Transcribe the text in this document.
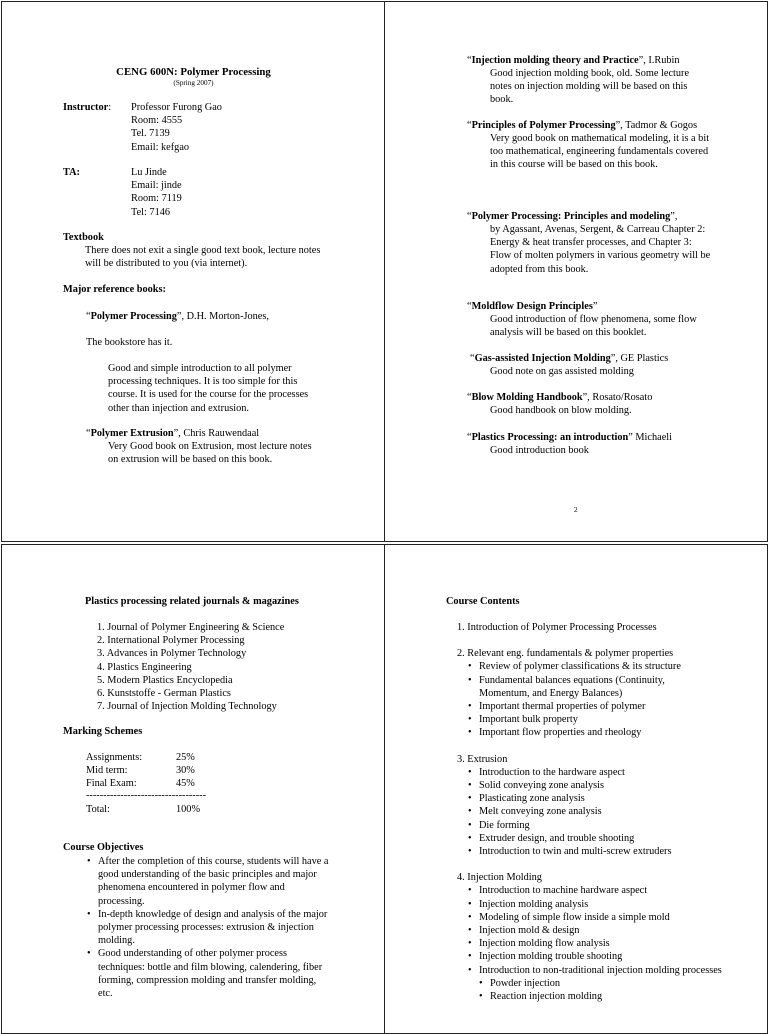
CENG 600N: Polymer Processing
(Spring 2007)
Instructor: Professor Furong Gao
Room: 4555
Tel. 7139
Email: kefgao
TA:	Lu Jinde
Email: jinde
Room: 7119
Tel: 7146
Textbook
There does not exit a single good text book, lecture notes will be distributed to you (via internet).
Major reference books:
“Polymer Processing”, D.H. Morton-Jones,
The bookstore has it.
Good and simple introduction to all polymer processing techniques. It is too simple for this course. It is used for the course for the processes other than injection and extrusion.
“Polymer Extrusion”, Chris Rauwendaal
Very Good book on Extrusion, most lecture notes on extrusion will be based on this book.
“Injection molding theory and Practice”, I.Rubin
Good injection molding book, old. Some lecture notes on injection molding will be based on this book.
“Principles of Polymer Processing”, Tadmor & Gogos
Very good book on mathematical modeling, it is a bit too mathematical, engineering fundamentals covered in this course will be based on this book.
“Polymer Processing: Principles and modeling”,
by Agassant, Avenas, Sergent, & Carreau Chapter 2: Energy & heat transfer processes, and Chapter 3: Flow of molten polymers in various geometry will be adopted from this book.
“Moldflow Design Principles”
Good introduction of flow phenomena, some flow analysis will be based on this booklet.
“Gas-assisted Injection Molding”, GE Plastics
Good note on gas assisted molding
“Blow Molding Handbook”, Rosato/Rosato
Good handbook on blow molding.
“Plastics Processing: an introduction” Michaeli
Good introduction book
2
Plastics processing related journals & magazines
1. Journal of Polymer Engineering & Science
2. International Polymer Processing
3. Advances in Polymer Technology
4. Plastics Engineering
5. Modern Plastics Encyclopedia
6. Kunststoffe - German Plastics
7. Journal of Injection Molding Technology
Marking Schemes
Assignments:	25%
Mid term:	30%
Final Exam:	45%
-----------------------------------
Total:	100%
Course Objectives
• After the completion of this course, students will have a good understanding of the basic principles and major phenomena encountered in polymer flow and processing.
• In-depth knowledge of design and analysis of the major polymer processing processes: extrusion & injection molding.
• Good understanding of other polymer process techniques: bottle and film blowing, calendering, fiber forming, compression molding and transfer molding, etc.
Course Contents
1. Introduction of Polymer Processing Processes
2. Relevant eng. fundamentals & polymer properties
• Review of polymer classifications & its structure
• Fundamental balances equations (Continuity, Momentum, and Energy Balances)
• Important thermal properties of polymer
• Important bulk property
• Important flow properties and rheology
3. Extrusion
• Introduction to the hardware aspect
• Solid conveying zone analysis
• Plasticating zone analysis
• Melt conveying zone analysis
• Die forming
• Extruder design, and trouble shooting
• Introduction to twin and multi-screw extruders
4. Injection Molding
• Introduction to machine hardware aspect
• Injection molding analysis
• Modeling of simple flow inside a simple mold
• Injection mold & design
• Injection molding flow analysis
• Injection molding trouble shooting
• Introduction to non-traditional injection molding processes
• Powder injection
• Reaction injection molding
